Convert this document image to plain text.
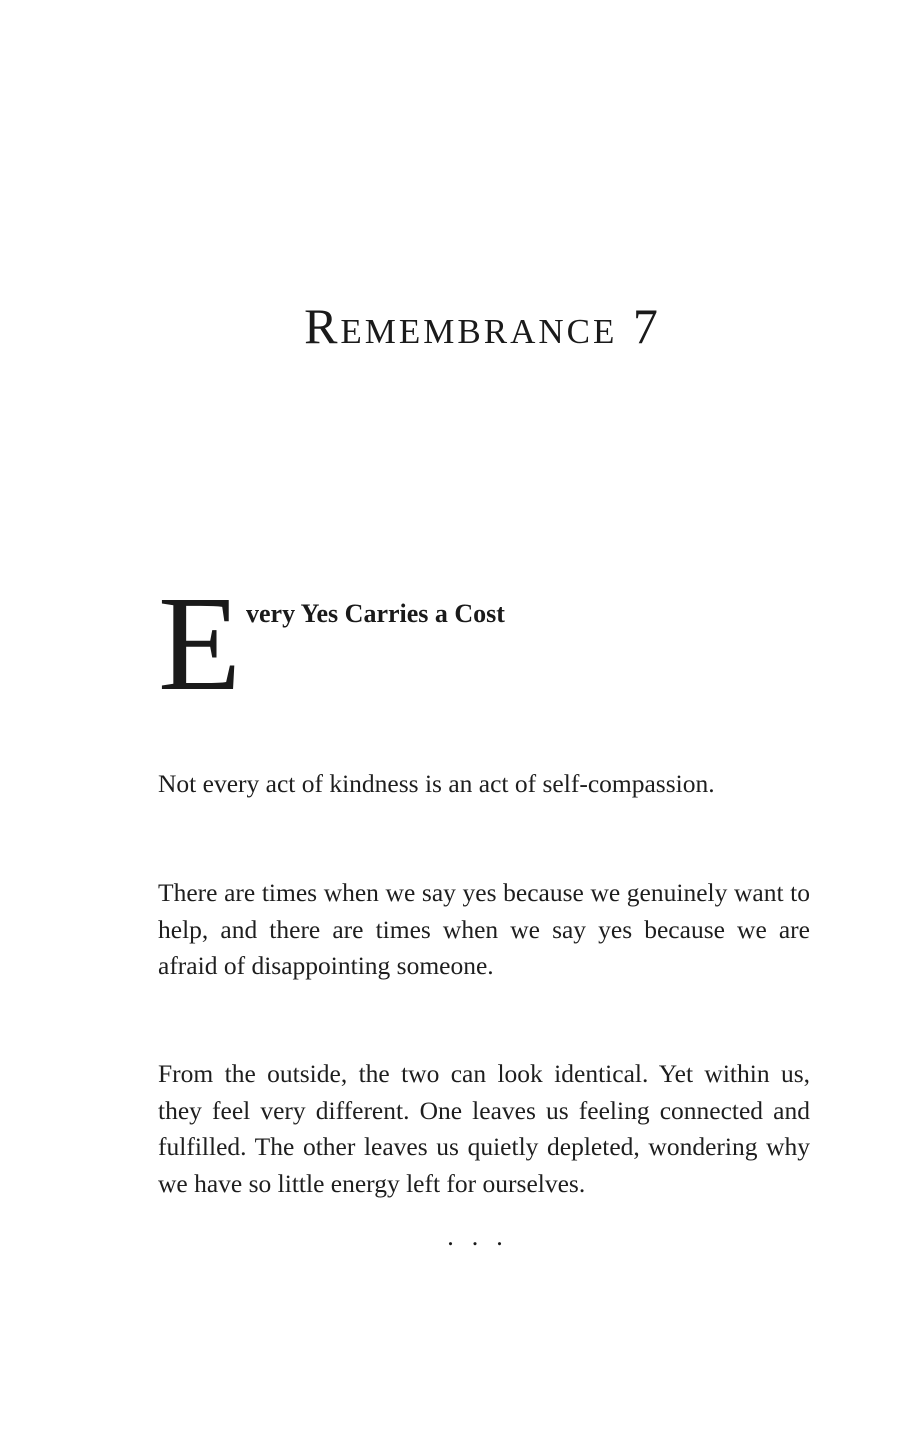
Remembrance 7
E very Yes Carries a Cost

Not every act of kindness is an act of self-compassion.

There are times when we say yes because we genuinely want to help, and there are times when we say yes because we are afraid of disappointing someone.

From the outside, the two can look identical. Yet within us, they feel very different. One leaves us feeling connected and fulfilled. The other leaves us quietly depleted, wondering why we have so little energy left for ourselves.

...
